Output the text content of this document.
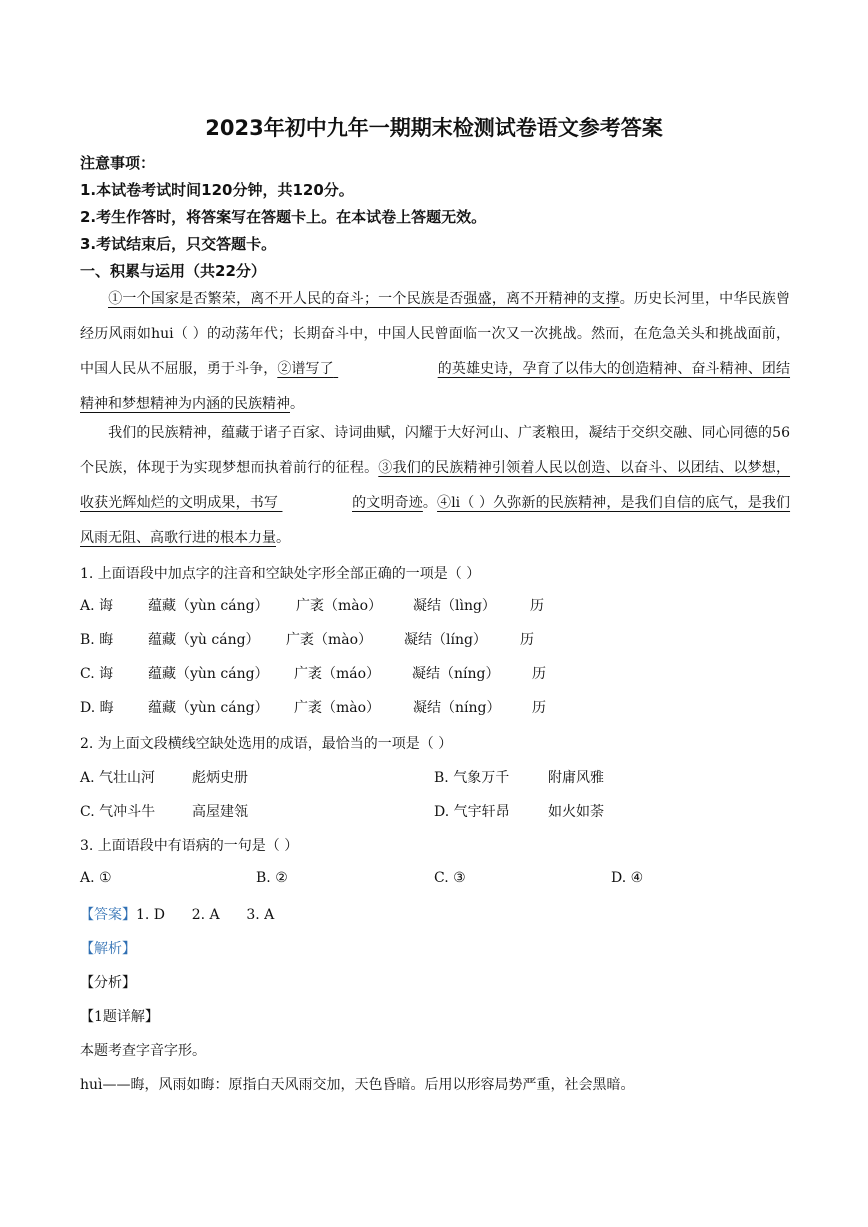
2023年初中九年一期期末检测试卷语文参考答案
注意事项：
1.本试卷考试时间120分钟，共120分。
2.考生作答时，将答案写在答题卡上。在本试卷上答题无效。
3.考试结束后，只交答题卡。
一、积累与运用（共22分）
①一个国家是否繁荣，离不开人民的奋斗；一个民族是否强盛，离不开精神的支撑。历史长河里，中华民族曾经历风雨如hui（ ）的动荡年代；长期奋斗中，中国人民曾面临一次又一次挑战。然而，在危急关头和挑战面前，中国人民从不屈服，勇于斗争，②谱写了	的英雄史诗，孕育了以伟大的创造精神、奋斗精神、团结精神和梦想精神为内涵的民族精神。
我们的民族精神，蕴藏于诸子百家、诗词曲赋，闪耀于大好河山、广袤粮田，凝结于交织交融、同心同德的56个民族，体现于为实现梦想而执着前行的征程。③我们的民族精神引领着人民以创造、以奋斗、以团结、以梦想，收获光辉灿烂的文明成果，书写	的文明奇迹。④li（ ）久弥新的民族精神，是我们自信的底气，是我们风雨无阻、高歌行进的根本力量。
1. 上面语段中加点字的注音和空缺处字形全部正确的一项是（ ）
A. 诲 蕴藏（yùn cáng） 广袤（mào） 凝结（lìng） 历
B. 晦 蕴藏（yù cáng） 广袤（mào） 凝结（líng） 历
C. 诲 蕴藏（yùn cáng） 广袤（máo） 凝结（níng） 历
D. 晦 蕴藏（yùn cáng） 广袤（mào） 凝结（níng） 历
2. 为上面文段横线空缺处选用的成语，最恰当的一项是（ ）
A. 气壮山河	彪炳史册	B. 气象万千	附庸风雅
C. 气冲斗牛	高屋建瓴	D. 气宇轩昂	如火如荼
3. 上面语段中有语病的一句是（ ）
A. ①	B. ②	C. ③	D. ④
【答案】1. D      2. A      3. A
【解析】
【分析】
【1题详解】
本题考查字音字形。
huì——晦，风雨如晦：原指白天风雨交加，天色昏暗。后用以形容局势严重，社会黑暗。
